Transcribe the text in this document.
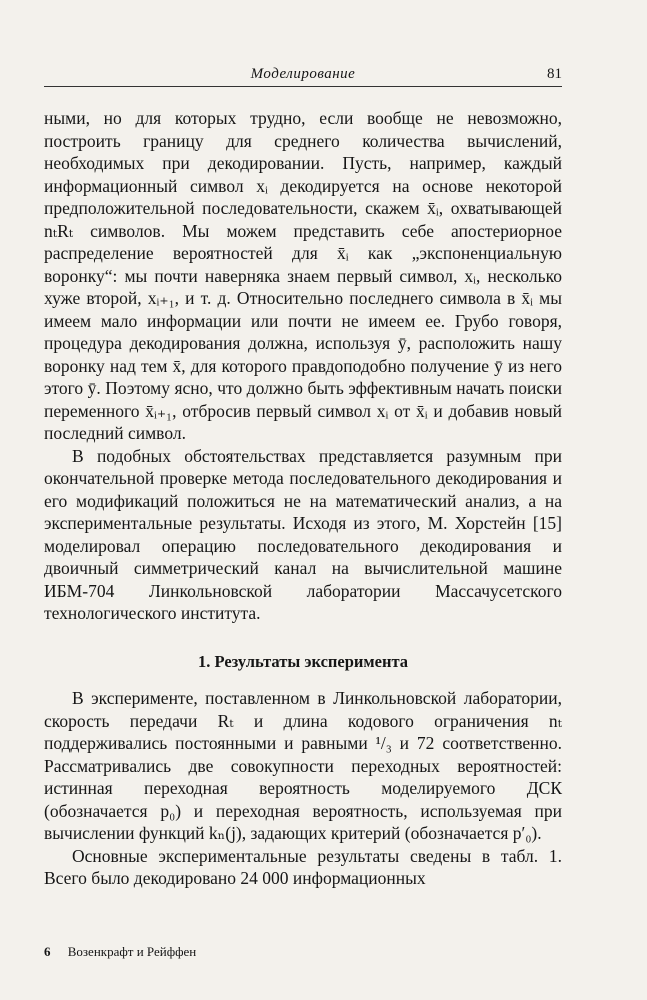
Моделирование	81

ными, но для которых трудно, если вообще не невозможно, построить границу для среднего количества вычислений, необходимых при декодировании. Пусть, например, каждый информационный символ xᵢ декодируется на основе некоторой предположительной последовательности, скажем x̄ᵢ, охватывающей nₜRₜ символов. Мы можем представить себе апостериорное распределение вероятностей для x̄ᵢ как „экспоненциальную воронку“: мы почти наверняка знаем первый символ, xᵢ, несколько хуже второй, xᵢ₊₁, и т. д. Относительно последнего символа в x̄ᵢ мы имеем мало информации или почти не имеем ее. Грубо говоря, процедура декодирования должна, используя ȳ, расположить нашу воронку над тем x̄, для которого правдоподобно получение ȳ из него этого ȳ. Поэтому ясно, что должно быть эффективным начать поиски переменного x̄ᵢ₊₁, отбросив первый символ xᵢ от x̄ᵢ и добавив новый последний символ.

В подобных обстоятельствах представляется разумным при окончательной проверке метода последовательного декодирования и его модификаций положиться не на математический анализ, а на экспериментальные результаты. Исходя из этого, М. Хорстейн [15] моделировал операцию последовательного декодирования и двоичный симметрический канал на вычислительной машине ИБМ-704 Линкольновской лаборатории Массачусетского технологического института.

1. Результаты эксперимента

В эксперименте, поставленном в Линкольновской лаборатории, скорость передачи Rₜ и длина кодового ограничения nₜ поддерживались постоянными и равными ¹/₃ и 72 соответственно. Рассматривались две совокупности переходных вероятностей: истинная переходная вероятность моделируемого ДСК (обозначается p₀) и переходная вероятность, используемая при вычислении функций kₙ(j), задающих критерий (обозначается p′₀).

Основные экспериментальные результаты сведены в табл. 1. Всего было декодировано 24 000 информационных

6 Возенкрафт и Рейффен
